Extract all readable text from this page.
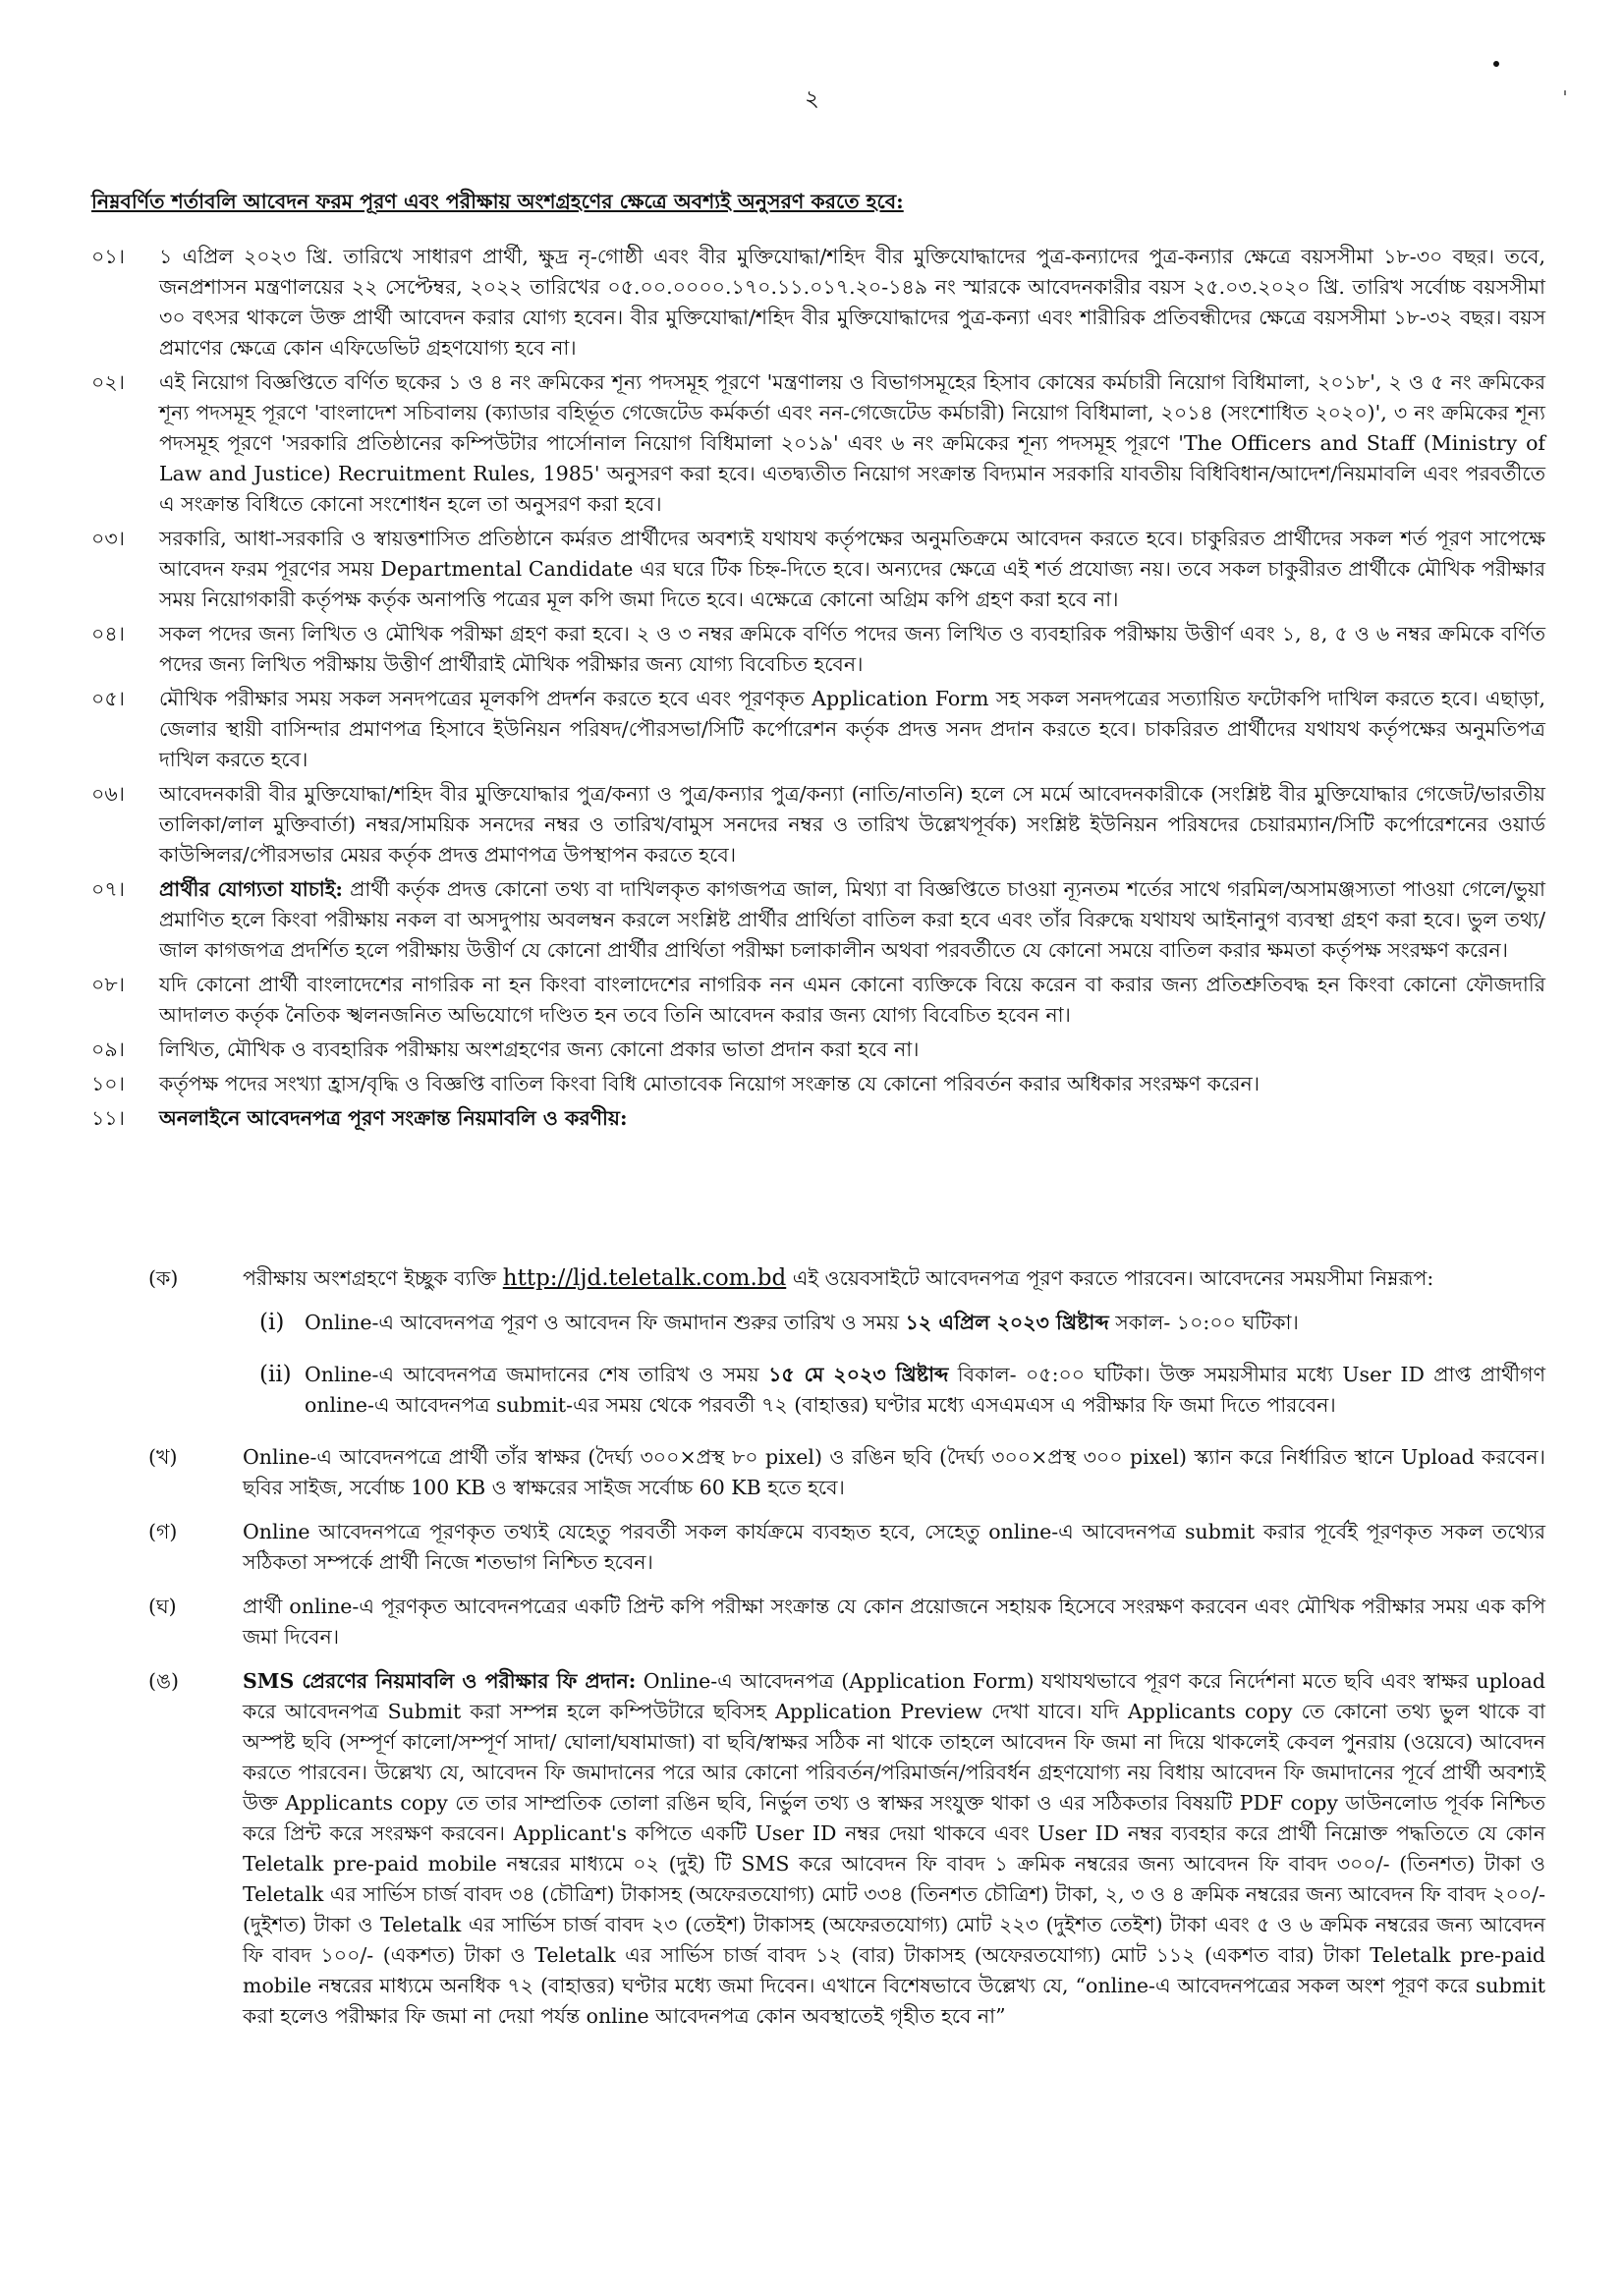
২
নিম্নবর্ণিত শর্তাবলি আবেদন ফরম পূরণ এবং পরীক্ষায় অংশগ্রহণের ক্ষেত্রে অবশ্যই অনুসরণ করতে হবে:
০১।	১ এপ্রিল ২০২৩ খ্রি. তারিখে সাধারণ প্রার্থী, ক্ষুদ্র নৃ-গোষ্ঠী এবং বীর মুক্তিযোদ্ধা/শহিদ বীর মুক্তিযোদ্ধাদের পুত্র-কন্যাদের পুত্র-কন্যার ক্ষেত্রে বয়সসীমা ১৮-৩০ বছর। তবে, জনপ্রশাসন মন্ত্রণালয়ের ২২ সেপ্টেম্বর, ২০২২ তারিখের ০৫.০০.০০০০.১৭০.১১.০১৭.২০-১৪৯ নং স্মারকে আবেদনকারীর বয়স ২৫.০৩.২০২০ খ্রি. তারিখ সর্বোচ্চ বয়সসীমা ৩০ বৎসর থাকলে উক্ত প্রার্থী আবেদন করার যোগ্য হবেন। বীর মুক্তিযোদ্ধা/শহিদ বীর মুক্তিযোদ্ধাদের পুত্র-কন্যা এবং শারীরিক প্রতিবন্ধীদের ক্ষেত্রে বয়সসীমা ১৮-৩২ বছর। বয়স প্রমাণের ক্ষেত্রে কোন এফিডেভিট গ্রহণযোগ্য হবে না।
০২।	এই নিয়োগ বিজ্ঞপ্তিতে বর্ণিত ছকের ১ ও ৪ নং ক্রমিকের শূন্য পদসমূহ পূরণে 'মন্ত্রণালয় ও বিভাগসমূহের হিসাব কোষের কর্মচারী নিয়োগ বিধিমালা, ২০১৮', ২ ও ৫ নং ক্রমিকের শূন্য পদসমূহ পূরণে 'বাংলাদেশ সচিবালয় (ক্যাডার বহির্ভূত গেজেটেড কর্মকর্তা এবং নন-গেজেটেড কর্মচারী) নিয়োগ বিধিমালা, ২০১৪ (সংশোধিত ২০২০)', ৩ নং ক্রমিকের শূন্য পদসমূহ পূরণে 'সরকারি প্রতিষ্ঠানের কম্পিউটার পার্সোনাল নিয়োগ বিধিমালা ২০১৯' এবং ৬ নং ক্রমিকের শূন্য পদসমূহ পূরণে 'The Officers and Staff (Ministry of Law and Justice) Recruitment Rules, 1985' অনুসরণ করা হবে। এতদ্ব্যতীত নিয়োগ সংক্রান্ত বিদ্যমান সরকারি যাবতীয় বিধিবিধান/আদেশ/নিয়মাবলি এবং পরবর্তীতে এ সংক্রান্ত বিধিতে কোনো সংশোধন হলে তা অনুসরণ করা হবে।
০৩।	সরকারি, আধা-সরকারি ও স্বায়ত্তশাসিত প্রতিষ্ঠানে কর্মরত প্রার্থীদের অবশ্যই যথাযথ কর্তৃপক্ষের অনুমতিক্রমে আবেদন করতে হবে। চাকুরিরত প্রার্থীদের সকল শর্ত পূরণ সাপেক্ষে আবেদন ফরম পূরণের সময় Departmental Candidate এর ঘরে টিক চিহ্ন-দিতে হবে। অন্যদের ক্ষেত্রে এই শর্ত প্রযোজ্য নয়। তবে সকল চাকুরীরত প্রার্থীকে মৌখিক পরীক্ষার সময় নিয়োগকারী কর্তৃপক্ষ কর্তৃক অনাপত্তি পত্রের মূল কপি জমা দিতে হবে। এক্ষেত্রে কোনো অগ্রিম কপি গ্রহণ করা হবে না।
০৪।	সকল পদের জন্য লিখিত ও মৌখিক পরীক্ষা গ্রহণ করা হবে। ২ ও ৩ নম্বর ক্রমিকে বর্ণিত পদের জন্য লিখিত ও ব্যবহারিক পরীক্ষায় উত্তীর্ণ এবং ১, ৪, ৫ ও ৬ নম্বর ক্রমিকে বর্ণিত পদের জন্য লিখিত পরীক্ষায় উত্তীর্ণ প্রার্থীরাই মৌখিক পরীক্ষার জন্য যোগ্য বিবেচিত হবেন।
০৫।	মৌখিক পরীক্ষার সময় সকল সনদপত্রের মূলকপি প্রদর্শন করতে হবে এবং পূরণকৃত Application Form সহ সকল সনদপত্রের সত্যায়িত ফটোকপি দাখিল করতে হবে। এছাড়া, জেলার স্থায়ী বাসিন্দার প্রমাণপত্র হিসাবে ইউনিয়ন পরিষদ/পৌরসভা/সিটি কর্পোরেশন কর্তৃক প্রদত্ত সনদ প্রদান করতে হবে। চাকরিরত প্রার্থীদের যথাযথ কর্তৃপক্ষের অনুমতিপত্র দাখিল করতে হবে।
০৬।	আবেদনকারী বীর মুক্তিযোদ্ধা/শহিদ বীর মুক্তিযোদ্ধার পুত্র/কন্যা ও পুত্র/কন্যার পুত্র/কন্যা (নাতি/নাতনি) হলে সে মর্মে আবেদনকারীকে (সংশ্লিষ্ট বীর মুক্তিযোদ্ধার গেজেট/ভারতীয় তালিকা/লাল মুক্তিবার্তা) নম্বর/সাময়িক সনদের নম্বর ও তারিখ/বামুস সনদের নম্বর ও তারিখ উল্লেখপূর্বক) সংশ্লিষ্ট ইউনিয়ন পরিষদের চেয়ারম্যান/সিটি কর্পোরেশনের ওয়ার্ড কাউন্সিলর/পৌরসভার মেয়র কর্তৃক প্রদত্ত প্রমাণপত্র উপস্থাপন করতে হবে।
০৭।	প্রার্থীর যোগ্যতা যাচাই: প্রার্থী কর্তৃক প্রদত্ত কোনো তথ্য বা দাখিলকৃত কাগজপত্র জাল, মিথ্যা বা বিজ্ঞপ্তিতে চাওয়া ন্যূনতম শর্তের সাথে গরমিল/অসামঞ্জস্যতা পাওয়া গেলে/ভুয়া প্রমাণিত হলে কিংবা পরীক্ষায় নকল বা অসদুপায় অবলম্বন করলে সংশ্লিষ্ট প্রার্থীর প্রার্থিতা বাতিল করা হবে এবং তাঁর বিরুদ্ধে যথাযথ আইনানুগ ব্যবস্থা গ্রহণ করা হবে। ভুল তথ্য/জাল কাগজপত্র প্রদর্শিত হলে পরীক্ষায় উত্তীর্ণ যে কোনো প্রার্থীর প্রার্থিতা পরীক্ষা চলাকালীন অথবা পরবর্তীতে যে কোনো সময়ে বাতিল করার ক্ষমতা কর্তৃপক্ষ সংরক্ষণ করেন।
০৮।	যদি কোনো প্রার্থী বাংলাদেশের নাগরিক না হন কিংবা বাংলাদেশের নাগরিক নন এমন কোনো ব্যক্তিকে বিয়ে করেন বা করার জন্য প্রতিশ্রুতিবদ্ধ হন কিংবা কোনো ফৌজদারি আদালত কর্তৃক নৈতিক স্খলনজনিত অভিযোগে দণ্ডিত হন তবে তিনি আবেদন করার জন্য যোগ্য বিবেচিত হবেন না।
০৯।	লিখিত, মৌখিক ও ব্যবহারিক পরীক্ষায় অংশগ্রহণের জন্য কোনো প্রকার ভাতা প্রদান করা হবে না।
১০।	কর্তৃপক্ষ পদের সংখ্যা হ্রাস/বৃদ্ধি ও বিজ্ঞপ্তি বাতিল কিংবা বিধি মোতাবেক নিয়োগ সংক্রান্ত যে কোনো পরিবর্তন করার অধিকার সংরক্ষণ করেন।
১১।	অনলাইনে আবেদনপত্র পূরণ সংক্রান্ত নিয়মাবলি ও করণীয়:
(ক)	পরীক্ষায় অংশগ্রহণে ইচ্ছুক ব্যক্তি http://ljd.teletalk.com.bd এই ওয়েবসাইটে আবেদনপত্র পূরণ করতে পারবেন। আবেদনের সময়সীমা নিম্নরূপ:
(i) Online-এ আবেদনপত্র পূরণ ও আবেদন ফি জমাদান শুরুর তারিখ ও সময় ১২ এপ্রিল ২০২৩ খ্রিষ্টাব্দ সকাল- ১০:০০ ঘটিকা।
(ii) Online-এ আবেদনপত্র জমাদানের শেষ তারিখ ও সময় ১৫ মে ২০২৩ খ্রিষ্টাব্দ বিকাল- ০৫:০০ ঘটিকা। উক্ত সময়সীমার মধ্যে User ID প্রাপ্ত প্রার্থীগণ online-এ আবেদনপত্র submit-এর সময় থেকে পরবর্তী ৭২ (বাহাত্তর) ঘণ্টার মধ্যে এসএমএস এ পরীক্ষার ফি জমা দিতে পারবেন।
(খ)	Online-এ আবেদনপত্রে প্রার্থী তাঁর স্বাক্ষর (দৈর্ঘ্য ৩০০×প্রস্থ ৮০ pixel) ও রঙিন ছবি (দৈর্ঘ্য ৩০০×প্রস্থ ৩০০ pixel) স্ক্যান করে নির্ধারিত স্থানে Upload করবেন। ছবির সাইজ, সর্বোচ্চ 100 KB ও স্বাক্ষরের সাইজ সর্বোচ্চ 60 KB হতে হবে।
(গ)	Online আবেদনপত্রে পূরণকৃত তথ্যই যেহেতু পরবর্তী সকল কার্যক্রমে ব্যবহৃত হবে, সেহেতু online-এ আবেদনপত্র submit করার পূর্বেই পূরণকৃত সকল তথ্যের সঠিকতা সম্পর্কে প্রার্থী নিজে শতভাগ নিশ্চিত হবেন।
(ঘ)	প্রার্থী online-এ পূরণকৃত আবেদনপত্রের একটি প্রিন্ট কপি পরীক্ষা সংক্রান্ত যে কোন প্রয়োজনে সহায়ক হিসেবে সংরক্ষণ করবেন এবং মৌখিক পরীক্ষার সময় এক কপি জমা দিবেন।
(ঙ)	SMS প্রেরণের নিয়মাবলি ও পরীক্ষার ফি প্রদান: Online-এ আবেদনপত্র (Application Form) যথাযথভাবে পূরণ করে নির্দেশনা মতে ছবি এবং স্বাক্ষর upload করে আবেদনপত্র Submit করা সম্পন্ন হলে কম্পিউটারে ছবিসহ Application Preview দেখা যাবে। যদি Applicants copy তে কোনো তথ্য ভুল থাকে বা অস্পষ্ট ছবি (সম্পূর্ণ কালো/সম্পূর্ণ সাদা/ ঘোলা/ঘষামাজা) বা ছবি/স্বাক্ষর সঠিক না থাকে তাহলে আবেদন ফি জমা না দিয়ে থাকলেই কেবল পুনরায় (ওয়েবে) আবেদন করতে পারবেন। উল্লেখ্য যে, আবেদন ফি জমাদানের পরে আর কোনো পরিবর্তন/পরিমার্জন/পরিবর্ধন গ্রহণযোগ্য নয় বিধায় আবেদন ফি জমাদানের পূর্বে প্রার্থী অবশ্যই উক্ত Applicants copy তে তার সাম্প্রতিক তোলা রঙিন ছবি, নির্ভুল তথ্য ও স্বাক্ষর সংযুক্ত থাকা ও এর সঠিকতার বিষয়টি PDF copy ডাউনলোড পূর্বক নিশ্চিত করে প্রিন্ট করে সংরক্ষণ করবেন। Applicant's কপিতে একটি User ID নম্বর দেয়া থাকবে এবং User ID নম্বর ব্যবহার করে প্রার্থী নিম্নোক্ত পদ্ধতিতে যে কোন Teletalk pre-paid mobile নম্বরের মাধ্যমে ০২ (দুই) টি SMS করে আবেদন ফি বাবদ ১ ক্রমিক নম্বরের জন্য আবেদন ফি বাবদ ৩০০/- (তিনশত) টাকা ও Teletalk এর সার্ভিস চার্জ বাবদ ৩৪ (চৌত্রিশ) টাকাসহ (অফেরতযোগ্য) মোট ৩৩৪ (তিনশত চৌত্রিশ) টাকা, ২, ৩ ও ৪ ক্রমিক নম্বরের জন্য আবেদন ফি বাবদ ২০০/- (দুইশত) টাকা ও Teletalk এর সার্ভিস চার্জ বাবদ ২৩ (তেইশ) টাকাসহ (অফেরতযোগ্য) মোট ২২৩ (দুইশত তেইশ) টাকা এবং ৫ ও ৬ ক্রমিক নম্বরের জন্য আবেদন ফি বাবদ ১০০/- (একশত) টাকা ও Teletalk এর সার্ভিস চার্জ বাবদ ১২ (বার) টাকাসহ (অফেরতযোগ্য) মোট ১১২ (একশত বার) টাকা Teletalk pre-paid mobile নম্বরের মাধ্যমে অনধিক ৭২ (বাহাত্তর) ঘণ্টার মধ্যে জমা দিবেন। এখানে বিশেষভাবে উল্লেখ্য যে, “online-এ আবেদনপত্রের সকল অংশ পূরণ করে submit করা হলেও পরীক্ষার ফি জমা না দেয়া পর্যন্ত online আবেদনপত্র কোন অবস্থাতেই গৃহীত হবে না”
